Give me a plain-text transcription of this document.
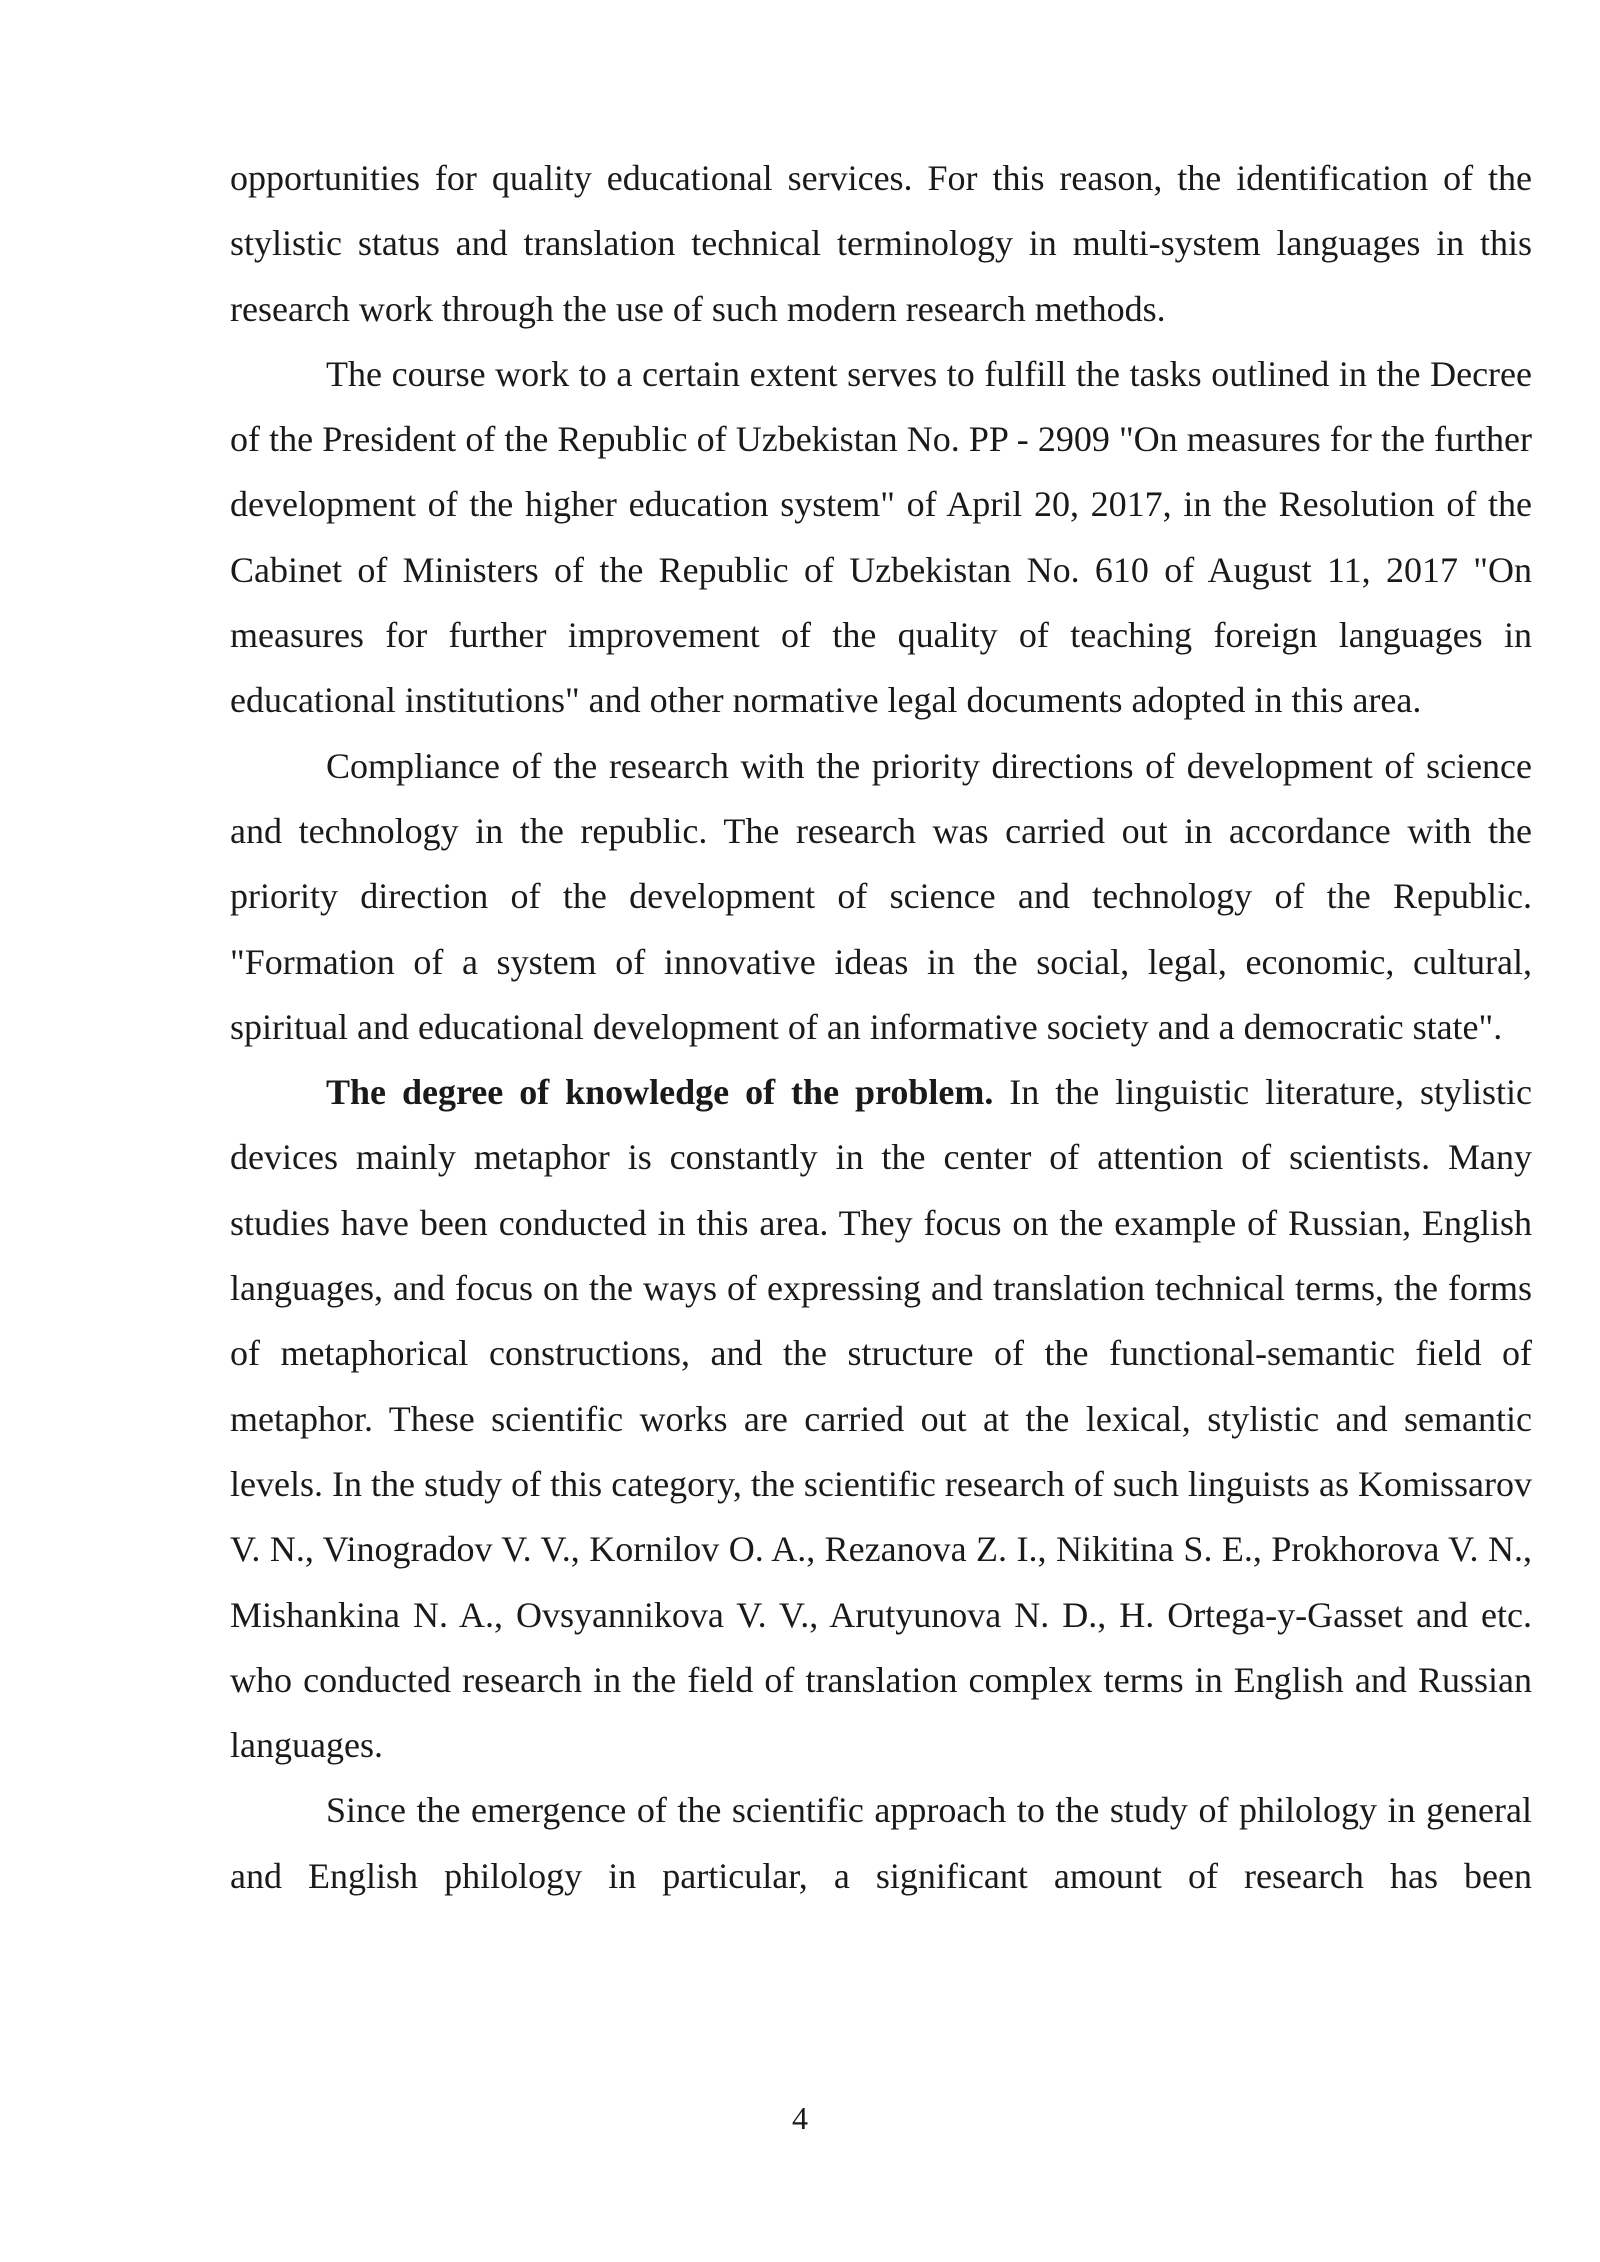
opportunities for quality educational services. For this reason, the identification of the stylistic status and translation technical terminology in multi-system languages in this research work through the use of such modern research methods.

The course work to a certain extent serves to fulfill the tasks outlined in the Decree of the President of the Republic of Uzbekistan No. PP - 2909 "On measures for the further development of the higher education system" of April 20, 2017, in the Resolution of the Cabinet of Ministers of the Republic of Uzbekistan No. 610 of August 11, 2017 "On measures for further improvement of the quality of teaching foreign languages in educational institutions" and other normative legal documents adopted in this area.

Compliance of the research with the priority directions of development of science and technology in the republic. The research was carried out in accordance with the priority direction of the development of science and technology of the Republic. "Formation of a system of innovative ideas in the social, legal, economic, cultural, spiritual and educational development of an informative society and a democratic state".

The degree of knowledge of the problem. In the linguistic literature, stylistic devices mainly metaphor is constantly in the center of attention of scientists. Many studies have been conducted in this area. They focus on the example of Russian, English languages, and focus on the ways of expressing and translation technical terms, the forms of metaphorical constructions, and the structure of the functional-semantic field of metaphor. These scientific works are carried out at the lexical, stylistic and semantic levels. In the study of this category, the scientific research of such linguists as Komissarov V. N., Vinogradov V. V., Kornilov O. A., Rezanova Z. I., Nikitina S. E., Prokhorova V. N., Mishankina N. A., Ovsyannikova V. V., Arutyunova N. D., H. Ortega-y-Gasset and etc. who conducted research in the field of translation complex terms in English and Russian languages.

Since the emergence of the scientific approach to the study of philology in general and English philology in particular, a significant amount of research has been

4
